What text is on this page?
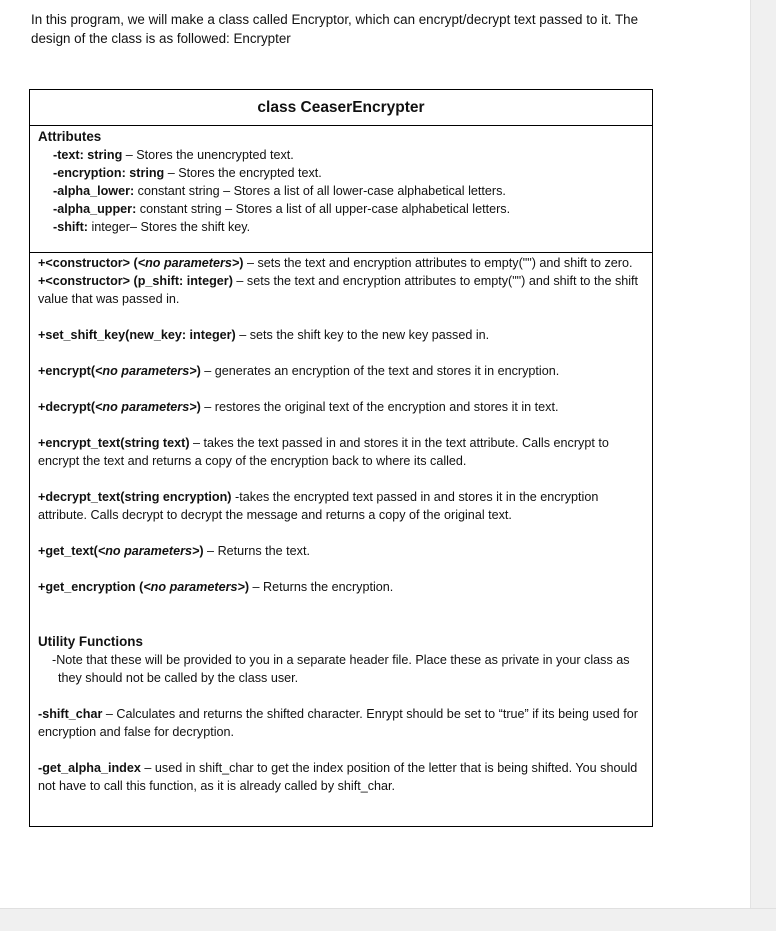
In this program, we will make a class called Encryptor, which can encrypt/decrypt text passed to it. The design of the class is as followed: Encrypter
class CeaserEncrypter
Attributes
-text: string – Stores the unencrypted text.
-encryption: string – Stores the encrypted text.
-alpha_lower: constant string – Stores a list of all lower-case alphabetical letters.
-alpha_upper: constant string – Stores a list of all upper-case alphabetical letters.
-shift: integer– Stores the shift key.

+<constructor> (<no parameters>) – sets the text and encryption attributes to empty("") and shift to zero.

+<constructor> (p_shift: integer) – sets the text and encryption attributes to empty("") and shift to the shift value that was passed in.

+set_shift_key(new_key: integer) – sets the shift key to the new key passed in.

+encrypt(<no parameters>) – generates an encryption of the text and stores it in encryption.

+decrypt(<no parameters>) – restores the original text of the encryption and stores it in text.

+encrypt_text(string text) – takes the text passed in and stores it in the text attribute. Calls encrypt to encrypt the text and returns a copy of the encryption back to where its called.

+decrypt_text(string encryption) -takes the encrypted text passed in and stores it in the encryption attribute. Calls decrypt to decrypt the message and returns a copy of the original text.

+get_text(<no parameters>) – Returns the text.

+get_encryption (<no parameters>) – Returns the encryption.

Utility Functions

-Note that these will be provided to you in a separate header file. Place these as private in your class as they should not be called by the class user.

-shift_char – Calculates and returns the shifted character. Enrypt should be set to “true” if its being used for encryption and false for decryption.

-get_alpha_index – used in shift_char to get the index position of the letter that is being shifted. You should not have to call this function, as it is already called by shift_char.
